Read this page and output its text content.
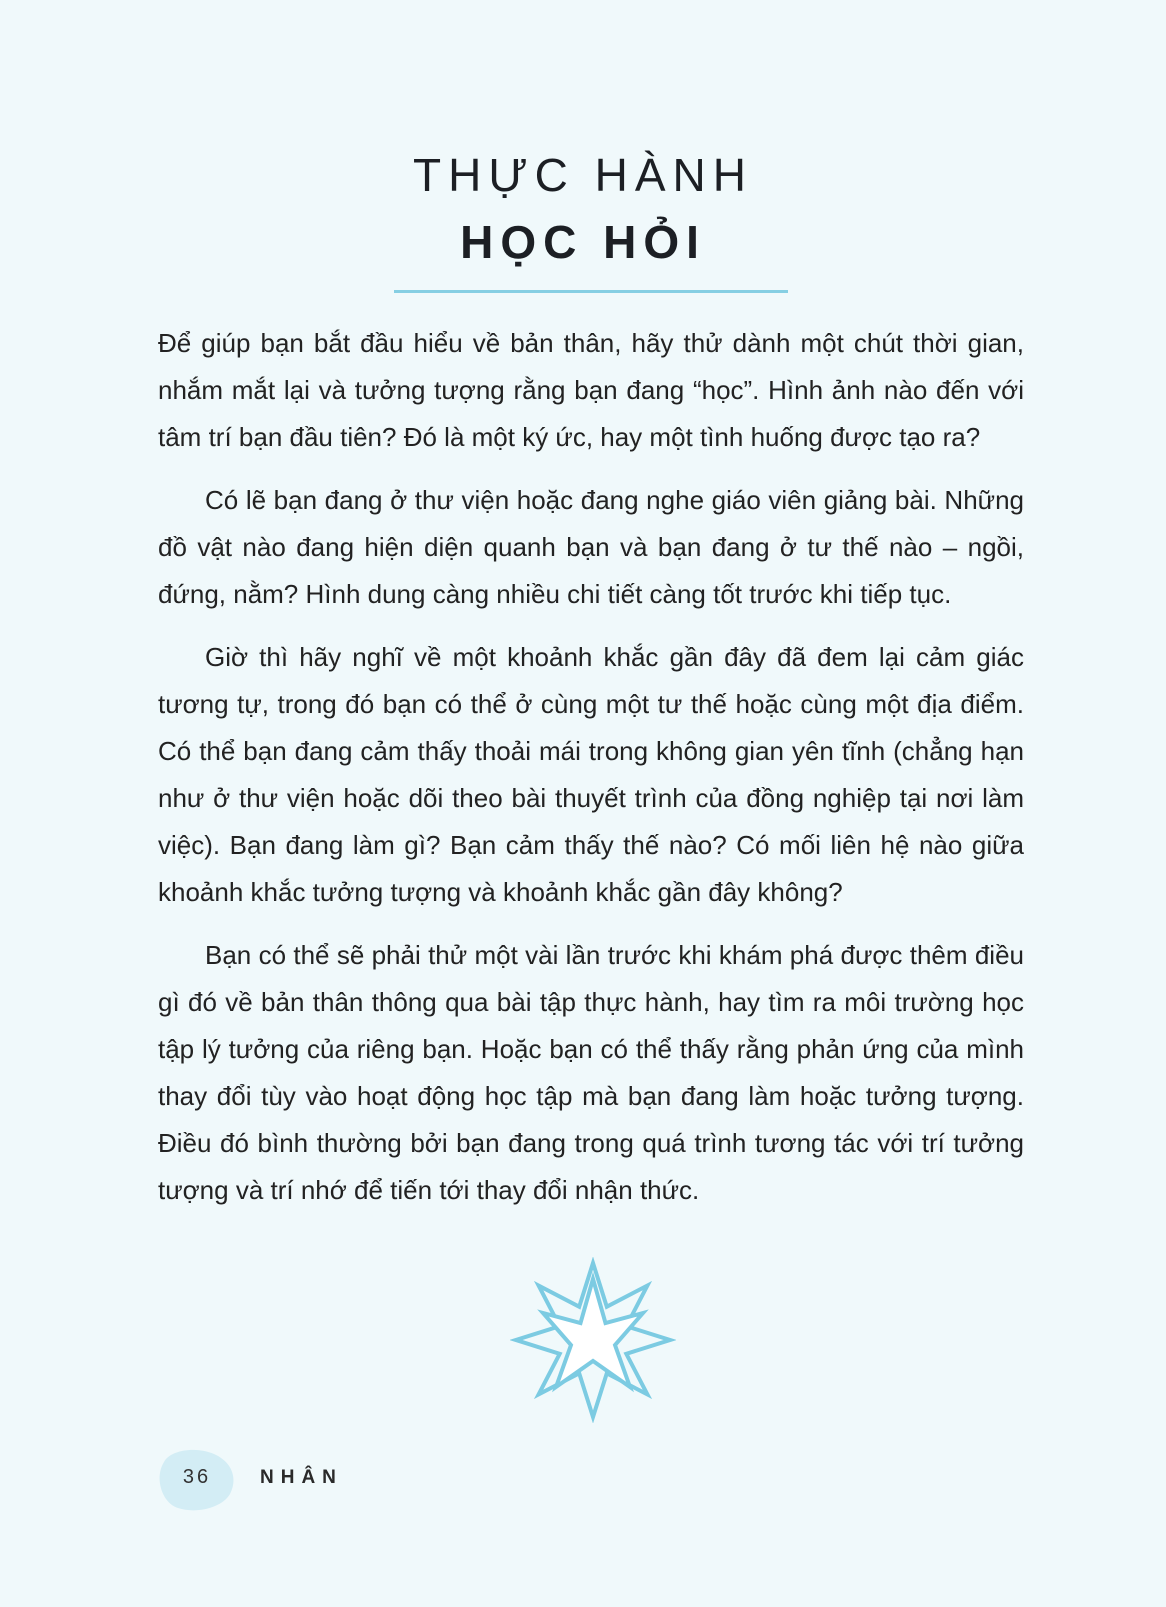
THỰC HÀNH
HỌC HỎI

Để giúp bạn bắt đầu hiểu về bản thân, hãy thử dành một chút thời gian, nhắm mắt lại và tưởng tượng rằng bạn đang “học”. Hình ảnh nào đến với tâm trí bạn đầu tiên? Đó là một ký ức, hay một tình huống được tạo ra?

Có lẽ bạn đang ở thư viện hoặc đang nghe giáo viên giảng bài. Những đồ vật nào đang hiện diện quanh bạn và bạn đang ở tư thế nào – ngồi, đứng, nằm? Hình dung càng nhiều chi tiết càng tốt trước khi tiếp tục.

Giờ thì hãy nghĩ về một khoảnh khắc gần đây đã đem lại cảm giác tương tự, trong đó bạn có thể ở cùng một tư thế hoặc cùng một địa điểm. Có thể bạn đang cảm thấy thoải mái trong không gian yên tĩnh (chẳng hạn như ở thư viện hoặc dõi theo bài thuyết trình của đồng nghiệp tại nơi làm việc). Bạn đang làm gì? Bạn cảm thấy thế nào? Có mối liên hệ nào giữa khoảnh khắc tưởng tượng và khoảnh khắc gần đây không?

Bạn có thể sẽ phải thử một vài lần trước khi khám phá được thêm điều gì đó về bản thân thông qua bài tập thực hành, hay tìm ra môi trường học tập lý tưởng của riêng bạn. Hoặc bạn có thể thấy rằng phản ứng của mình thay đổi tùy vào hoạt động học tập mà bạn đang làm hoặc tưởng tượng. Điều đó bình thường bởi bạn đang trong quá trình tương tác với trí tưởng tượng và trí nhớ để tiến tới thay đổi nhận thức.

36	NHÂN
